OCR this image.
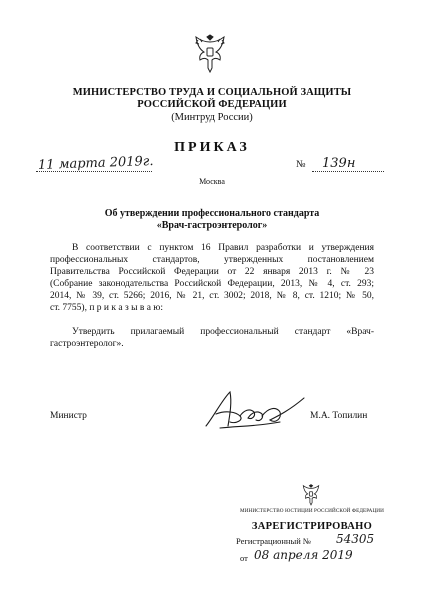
МИНИСТЕРСТВО ТРУДА И СОЦИАЛЬНОЙ ЗАЩИТЫ
РОССИЙСКОЙ ФЕДЕРАЦИИ
(Минтруд России)
ПРИКАЗ
11 марта 2019г.	№ 139н
Москва
Об утверждении профессионального стандарта
«Врач-гастроэнтеролог»
В соответствии с пунктом 16 Правил разработки и утверждения
профессиональных стандартов, утвержденных постановлением
Правительства Российской Федерации от 22 января 2013 г. № 23
(Собрание законодательства Российской Федерации, 2013, № 4, ст. 293;
2014, № 39, ст. 5266; 2016, № 21, ст. 3002; 2018, № 8, ст. 1210; № 50,
ст. 7755), п р и к а з ы в а ю:
Утвердить прилагаемый профессиональный стандарт «Врач-
гастроэнтеролог».
Министр	М.А. Топилин
МИНИСТЕРСТВО ЮСТИЦИИ РОССИЙСКОЙ ФЕДЕРАЦИИ
ЗАРЕГИСТРИРОВАНО
Регистрационный № 54305
от 08 апреля 2019
